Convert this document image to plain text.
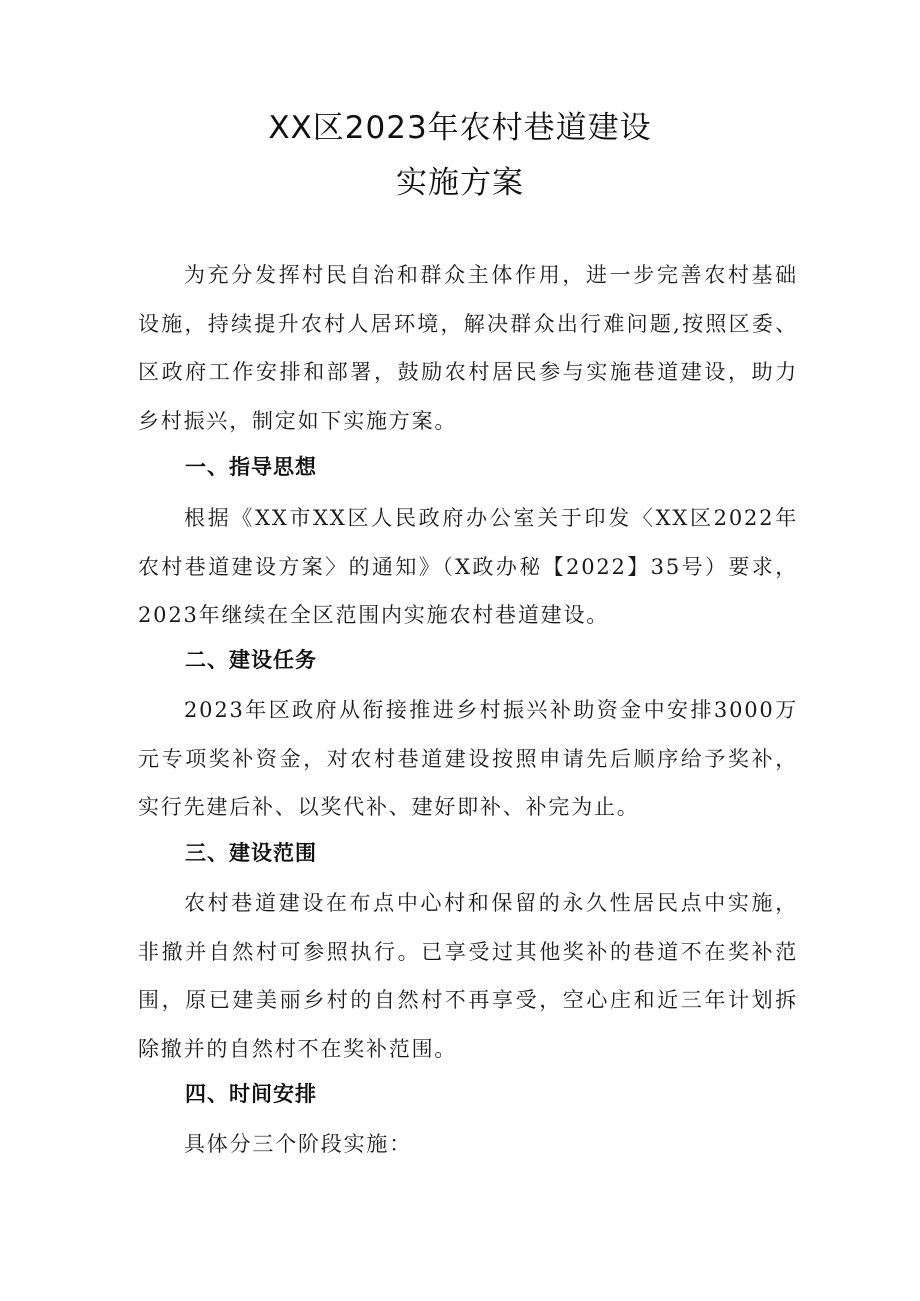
XX区2023年农村巷道建设
实施方案

为充分发挥村民自治和群众主体作用，进一步完善农村基础设施，持续提升农村人居环境，解决群众出行难问题,按照区委、区政府工作安排和部署，鼓励农村居民参与实施巷道建设，助力乡村振兴，制定如下实施方案。

一、指导思想

根据《XX市XX区人民政府办公室关于印发〈XX区2022年农村巷道建设方案〉的通知》（X政办秘【2022】35号）要求，2023年继续在全区范围内实施农村巷道建设。

二、建设任务

2023年区政府从衔接推进乡村振兴补助资金中安排3000万元专项奖补资金，对农村巷道建设按照申请先后顺序给予奖补，实行先建后补、以奖代补、建好即补、补完为止。

三、建设范围

农村巷道建设在布点中心村和保留的永久性居民点中实施，非撤并自然村可参照执行。已享受过其他奖补的巷道不在奖补范围，原已建美丽乡村的自然村不再享受，空心庄和近三年计划拆除撤并的自然村不在奖补范围。

四、时间安排

具体分三个阶段实施：
